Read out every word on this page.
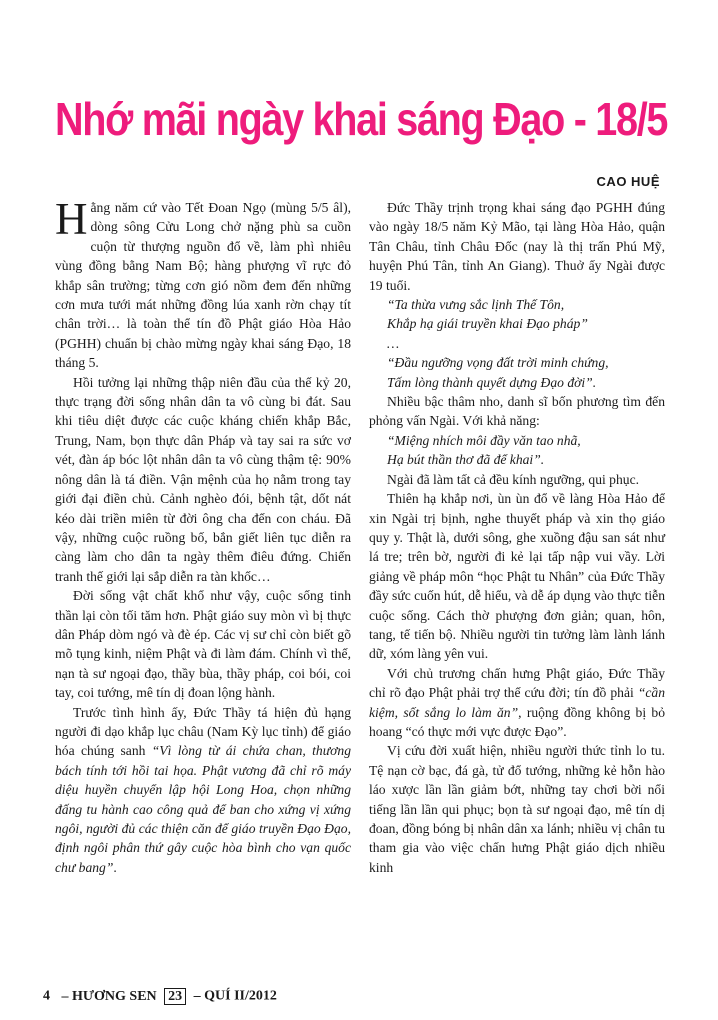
Nhớ mãi ngày khai sáng Đạo - 18/5
CAO HUỆ

Hằng năm cứ vào Tết Đoan Ngọ (mùng 5/5 âl), dòng sông Cửu Long chở nặng phù sa cuồn cuộn từ thượng nguồn đổ về, làm phì nhiêu vùng đồng bằng Nam Bộ; hàng phượng vĩ rực đỏ khắp sân trường; từng cơn gió nồm đem đến những cơn mưa tưới mát những đồng lúa xanh rờn chạy tít chân trời… là toàn thể tín đồ Phật giáo Hòa Hảo (PGHH) chuẩn bị chào mừng ngày khai sáng Đạo, 18 tháng 5.

Hồi tưởng lại những thập niên đầu của thế kỷ 20, thực trạng đời sống nhân dân ta vô cùng bi đát. Sau khi tiêu diệt được các cuộc kháng chiến khắp Bắc, Trung, Nam, bọn thực dân Pháp và tay sai ra sức vơ vét, đàn áp bóc lột nhân dân ta vô cùng thậm tệ: 90% nông dân là tá điền. Vận mệnh của họ nằm trong tay giới đại điền chủ. Cảnh nghèo đói, bệnh tật, dốt nát kéo dài triền miên từ đời ông cha đến con cháu. Đã vậy, những cuộc ruồng bố, bắn giết liên tục diễn ra càng làm cho dân ta ngày thêm điêu đứng. Chiến tranh thế giới lại sắp diễn ra tàn khốc…

Đời sống vật chất khổ như vậy, cuộc sống tinh thần lại còn tối tăm hơn. Phật giáo suy mòn vì bị thực dân Pháp dòm ngó và đè ép. Các vị sư chỉ còn biết gõ mõ tụng kinh, niệm Phật và đi làm đám. Chính vì thế, nạn tà sư ngoại đạo, thầy bùa, thầy pháp, coi bói, coi tay, coi tướng, mê tín dị đoan lộng hành.

Trước tình hình ấy, Đức Thầy tá hiện đủ hạng người đi dạo khắp lục châu (Nam Kỳ lục tỉnh) để giáo hóa chúng sanh “Vì lòng từ ái chứa chan, thương bách tính tới hồi tai họa. Phật vương đã chỉ rõ máy diệu huyền chuyển lập hội Long Hoa, chọn những đấng tu hành cao công quả để ban cho xứng vị xứng ngôi, người đủ các thiện căn để giáo truyền Đạo Đạo, định ngôi phân thứ gây cuộc hòa bình cho vạn quốc chư bang”.

Đức Thầy trịnh trọng khai sáng đạo PGHH đúng vào ngày 18/5 năm Kỷ Mão, tại làng Hòa Hảo, quận Tân Châu, tỉnh Châu Đốc (nay là thị trấn Phú Mỹ, huyện Phú Tân, tỉnh An Giang). Thuở ấy Ngài được 19 tuổi.

“Ta thừa vưng sắc lịnh Thế Tôn,

Khắp hạ giái truyền khai Đạo pháp”

…

“Đầu ngưỡng vọng đất trời minh chứng,

Tấm lòng thành quyết dựng Đạo đời”.

Nhiều bậc thâm nho, danh sĩ bốn phương tìm đến phỏng vấn Ngài. Với khả năng:

“Miệng nhích môi đầy văn tao nhã,

Hạ bút thần thơ đã để khai”.

Ngài đã làm tất cả đều kính ngưỡng, qui phục.

Thiên hạ khắp nơi, ùn ùn đổ về làng Hòa Hảo để xin Ngài trị bịnh, nghe thuyết pháp và xin thọ giáo quy y. Thật là, dưới sông, ghe xuồng đậu san sát như lá tre; trên bờ, người đi kẻ lại tấp nập vui vầy. Lời giảng về pháp môn “học Phật tu Nhân” của Đức Thầy đầy sức cuốn hút, dễ hiểu, và dễ áp dụng vào thực tiễn cuộc sống. Cách thờ phượng đơn giản; quan, hôn, tang, tế tiến bộ. Nhiều người tin tưởng làm lành lánh dữ, xóm làng yên vui.

Với chủ trương chấn hưng Phật giáo, Đức Thầy chỉ rõ đạo Phật phải trợ thế cứu đời; tín đồ phải “cần kiệm, sốt sắng lo làm ăn”, ruộng đồng không bị bỏ hoang “có thực mới vực được Đạo”.

Vị cứu đời xuất hiện, nhiều người thức tỉnh lo tu. Tệ nạn cờ bạc, đá gà, tử đổ tướng, những kẻ hỗn hào láo xược lần lần giảm bớt, những tay chơi bời nổi tiếng lần lần qui phục; bọn tà sư ngoại đạo, mê tín dị đoan, đồng bóng bị nhân dân xa lánh; nhiều vị chân tu tham gia vào việc chấn hưng Phật giáo dịch nhiều kinh

4 – HƯƠNG SEN 23 – QUÍ II/2012
